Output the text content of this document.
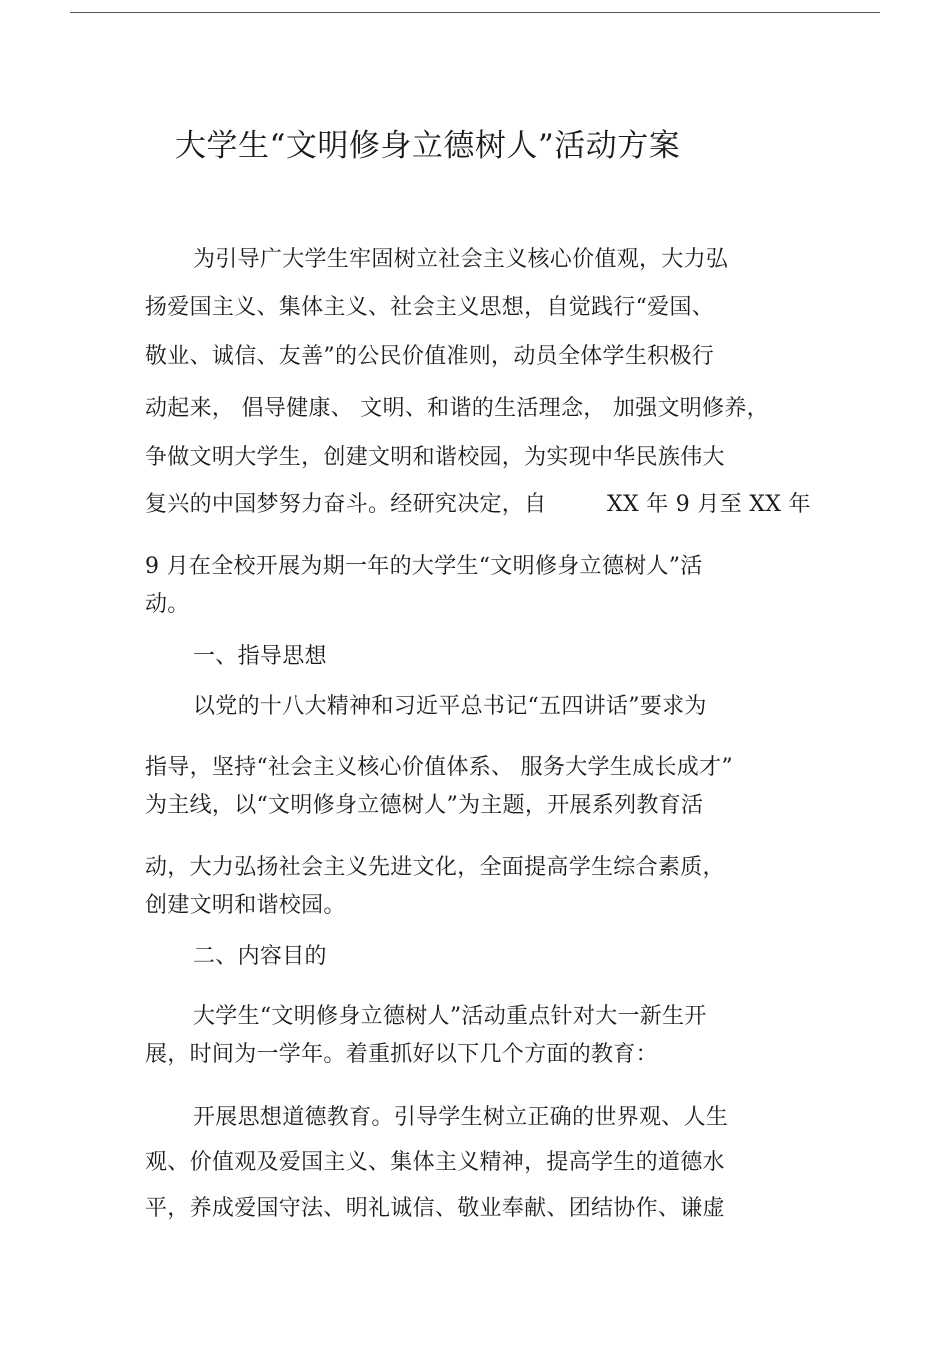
大学生“文明修身立德树人”活动方案
为引导广大学生牢固树立社会主义核心价值观，大力弘
扬爱国主义、集体主义、社会主义思想，自觉践行“爱国、
敬业、诚信、友善”的公民价值准则，动员全体学生积极行
动起来， 倡导健康、 文明、和谐的生活理念， 加强文明修养，
争做文明大学生，创建文明和谐校园，为实现中华民族伟大
复兴的中国梦努力奋斗。经研究决定，自	XX 年 9 月至 XX 年
9 月在全校开展为期一年的大学生“文明修身立德树人”活
动。
一、指导思想
以党的十八大精神和习近平总书记“五四讲话”要求为
指导，坚持“社会主义核心价值体系、 服务大学生成长成才”
为主线，以“文明修身立德树人”为主题，开展系列教育活
动，大力弘扬社会主义先进文化，全面提高学生综合素质，
创建文明和谐校园。
二、内容目的
大学生“文明修身立德树人”活动重点针对大一新生开
展，时间为一学年。着重抓好以下几个方面的教育：
开展思想道德教育。引导学生树立正确的世界观、人生
观、价值观及爱国主义、集体主义精神，提高学生的道德水
平，养成爱国守法、明礼诚信、敬业奉献、团结协作、谦虚
